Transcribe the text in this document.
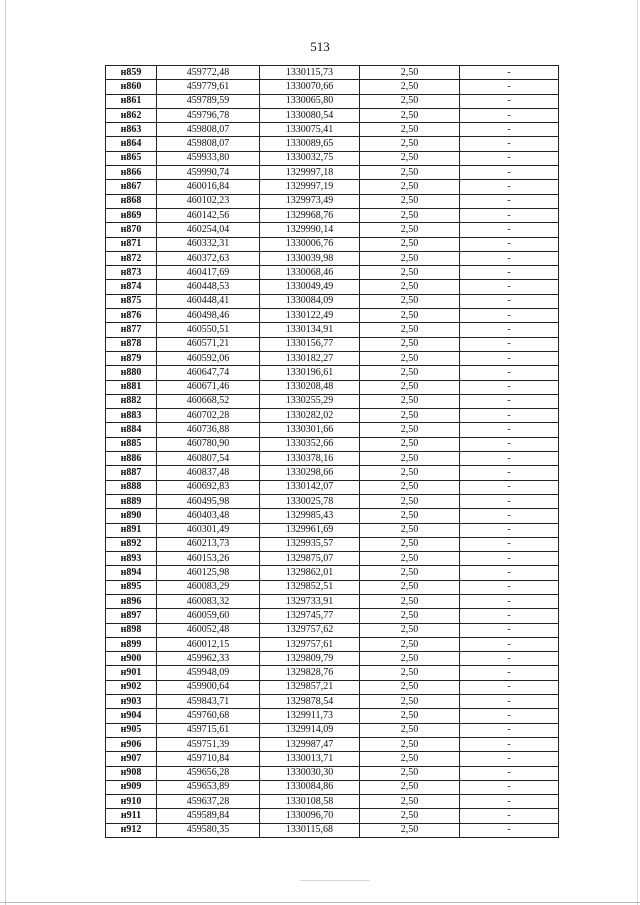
513
н859	459772,48	1330115,73	2,50	-
н860	459779,61	1330070,66	2,50	-
н861	459789,59	1330065,80	2,50	-
н862	459796,78	1330080,54	2,50	-
н863	459808,07	1330075,41	2,50	-
н864	459808,07	1330089,65	2,50	-
н865	459933,80	1330032,75	2,50	-
н866	459990,74	1329997,18	2,50	-
н867	460016,84	1329997,19	2,50	-
н868	460102,23	1329973,49	2,50	-
н869	460142,56	1329968,76	2,50	-
н870	460254,04	1329990,14	2,50	-
н871	460332,31	1330006,76	2,50	-
н872	460372,63	1330039,98	2,50	-
н873	460417,69	1330068,46	2,50	-
н874	460448,53	1330049,49	2,50	-
н875	460448,41	1330084,09	2,50	-
н876	460498,46	1330122,49	2,50	-
н877	460550,51	1330134,91	2,50	-
н878	460571,21	1330156,77	2,50	-
н879	460592,06	1330182,27	2,50	-
н880	460647,74	1330196,61	2,50	-
н881	460671,46	1330208,48	2,50	-
н882	460668,52	1330255,29	2,50	-
н883	460702,28	1330282,02	2,50	-
н884	460736,88	1330301,66	2,50	-
н885	460780,90	1330352,66	2,50	-
н886	460807,54	1330378,16	2,50	-
н887	460837,48	1330298,66	2,50	-
н888	460692,83	1330142,07	2,50	-
н889	460495,98	1330025,78	2,50	-
н890	460403,48	1329985,43	2,50	-
н891	460301,49	1329961,69	2,50	-
н892	460213,73	1329935,57	2,50	-
н893	460153,26	1329875,07	2,50	-
н894	460125,98	1329862,01	2,50	-
н895	460083,29	1329852,51	2,50	-
н896	460083,32	1329733,91	2,50	-
н897	460059,60	1329745,77	2,50	-
н898	460052,48	1329757,62	2,50	-
н899	460012,15	1329757,61	2,50	-
н900	459962,33	1329809,79	2,50	-
н901	459948,09	1329828,76	2,50	-
н902	459900,64	1329857,21	2,50	-
н903	459843,71	1329878,54	2,50	-
н904	459760,68	1329911,73	2,50	-
н905	459715,61	1329914,09	2,50	-
н906	459751,39	1329987,47	2,50	-
н907	459710,84	1330013,71	2,50	-
н908	459656,28	1330030,30	2,50	-
н909	459653,89	1330084,86	2,50	-
н910	459637,28	1330108,58	2,50	-
н911	459589,84	1330096,70	2,50	-
н912	459580,35	1330115,68	2,50	-
